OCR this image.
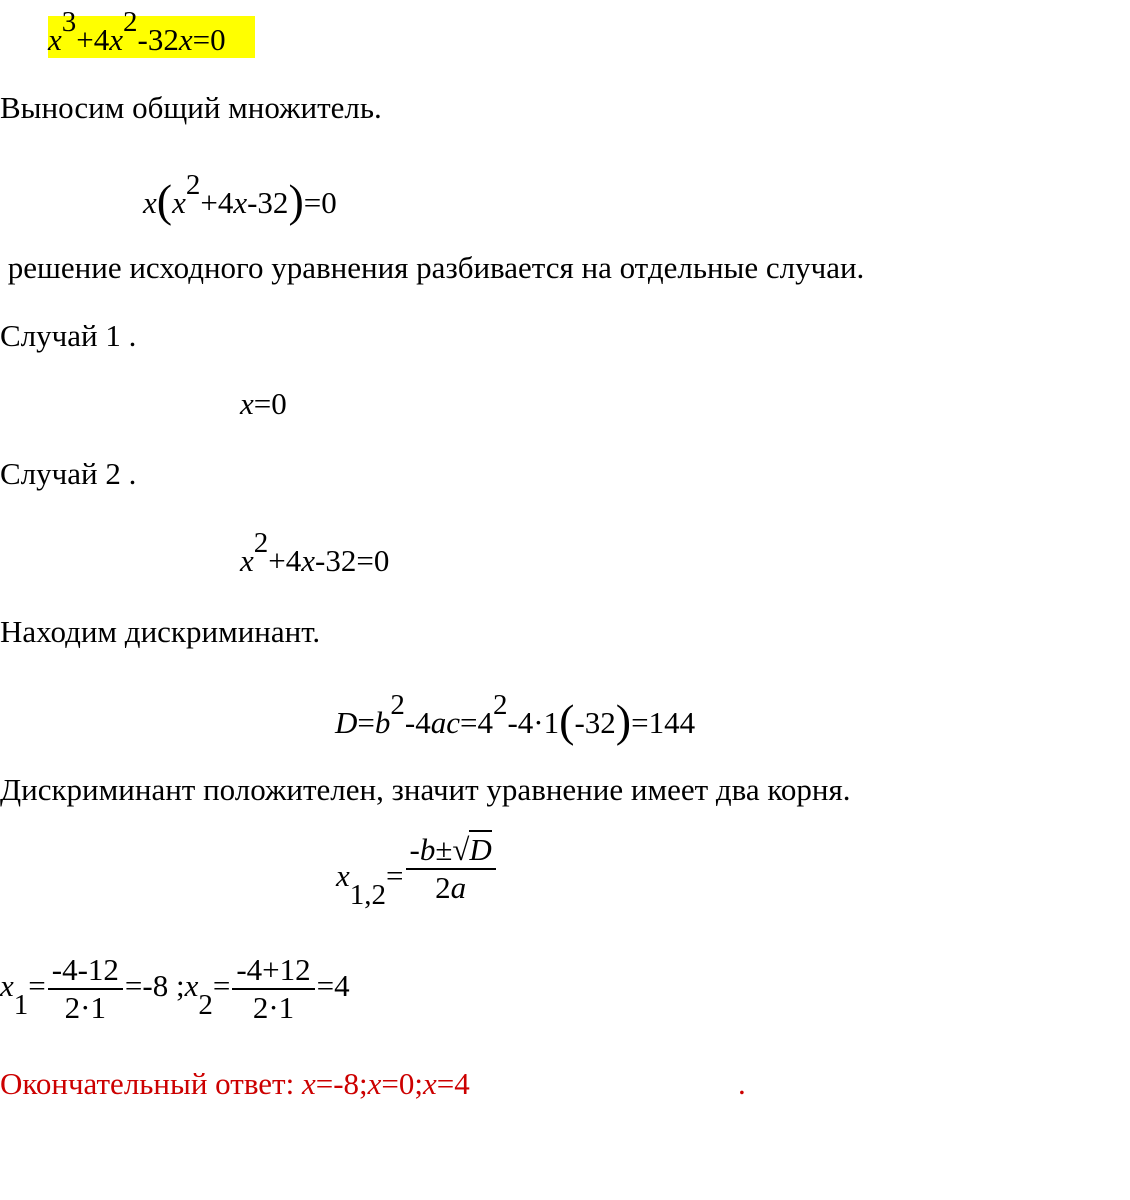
x3+4x2-32x=0
Выносим общий множитель.
x(x2+4x-32)=0
решение исходного уравнения разбивается на отдельные случаи.
Случай 1 .
x=0
Случай 2 .
x2+4x-32=0
Находим дискриминант.
D=b2-4ac=42-4·1(-32)=144
Дискриминант положителен, значит уравнение имеет два корня.
$x1,2= \frac{-b\pm√D}{2a}$
$x1= \frac{-4-12}{2\cdot 1} =-8$ ;x2= $\frac{-4+12}{2\cdot 1} =4$
Окончательный ответ: x=-8;x=0;x=4	.
